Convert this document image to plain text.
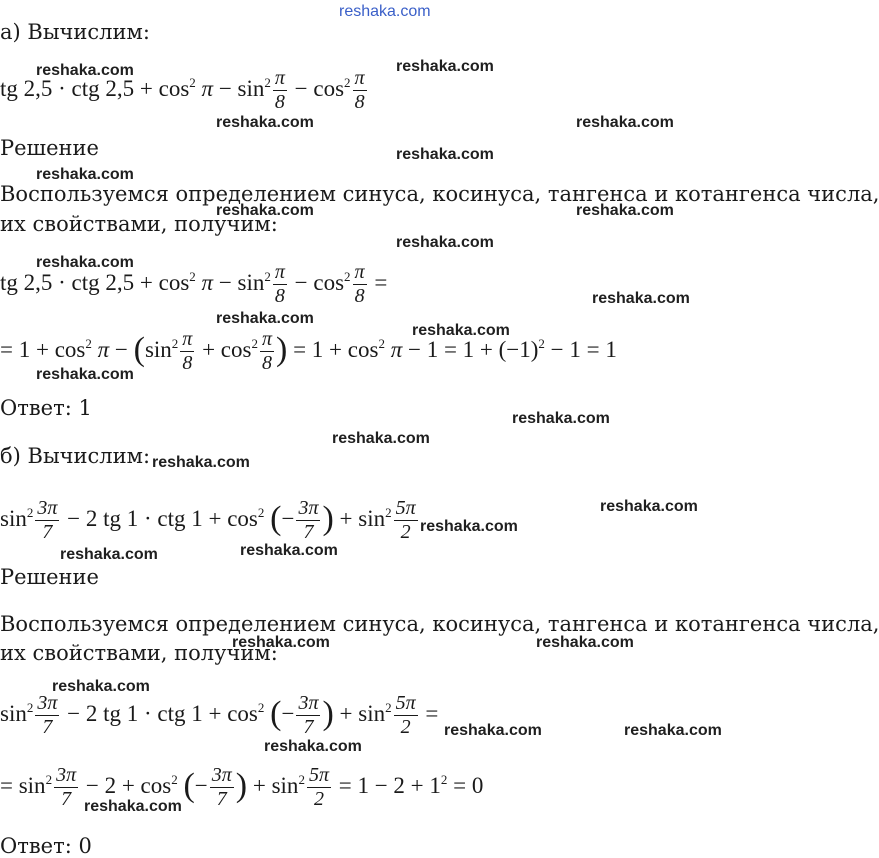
reshaka.com
а) Вычислим:
tg 2,5 · ctg $2,5 + \cos^2 \pi - \sin^2 \frac{\pi}{8} - \cos^2 \frac{\pi}{8}$
Решение
Воспользуемся определением синуса, косинуса, тангенса и котангенса числа,
их свойствами, получим:
tg 2,5 · ctg $2,5 + \cos^2 \pi - \sin^2 \frac{\pi}{8} - \cos^2 \frac{\pi}{8}$ =
= $1 + \cos^2 \pi - (\sin^2 \frac{\pi}{8} + \cos^2 \frac{\pi}{8}$ ) = $1 + \cos^2 \pi - 1 = 1 + (-1)^2 - 1 = 1$
Ответ: 1
б) Вычислим:
$\sin^2 \frac{3\pi}{7} - 2$ tg 1 · ctg $1 + \cos^2$ (− $\frac{3\pi}{7}$ ) + $\sin^2 \frac{5\pi}{2}$
Решение
Воспользуемся определением синуса, косинуса, тангенса и котангенса числа,
их свойствами, получим:
$\sin^2 \frac{3\pi}{7} - 2$ tg 1 · ctg $1 + \cos^2$ (− $\frac{3\pi}{7}$ ) + $\sin^2 \frac{5\pi}{2}$ =
= $\sin^2 \frac{3\pi}{7} - 2 + \cos^2$ (− $\frac{3\pi}{7}$ ) + $\sin^2 \frac{5\pi}{2} = 1 - 2 + 1^2 = 0$
Ответ: 0
reshaka.com	reshaka.com
reshaka.com	reshaka.com
reshaka.com
reshaka.com
reshaka.com	reshaka.com
reshaka.com
reshaka.com
reshaka.com
reshaka.com
reshaka.com
reshaka.com
reshaka.com
reshaka.com
reshaka.com
reshaka.com
reshaka.com
reshaka.com
reshaka.com
reshaka.com	reshaka.com
reshaka.com
reshaka.com	reshaka.com
reshaka.com
reshaka.com
